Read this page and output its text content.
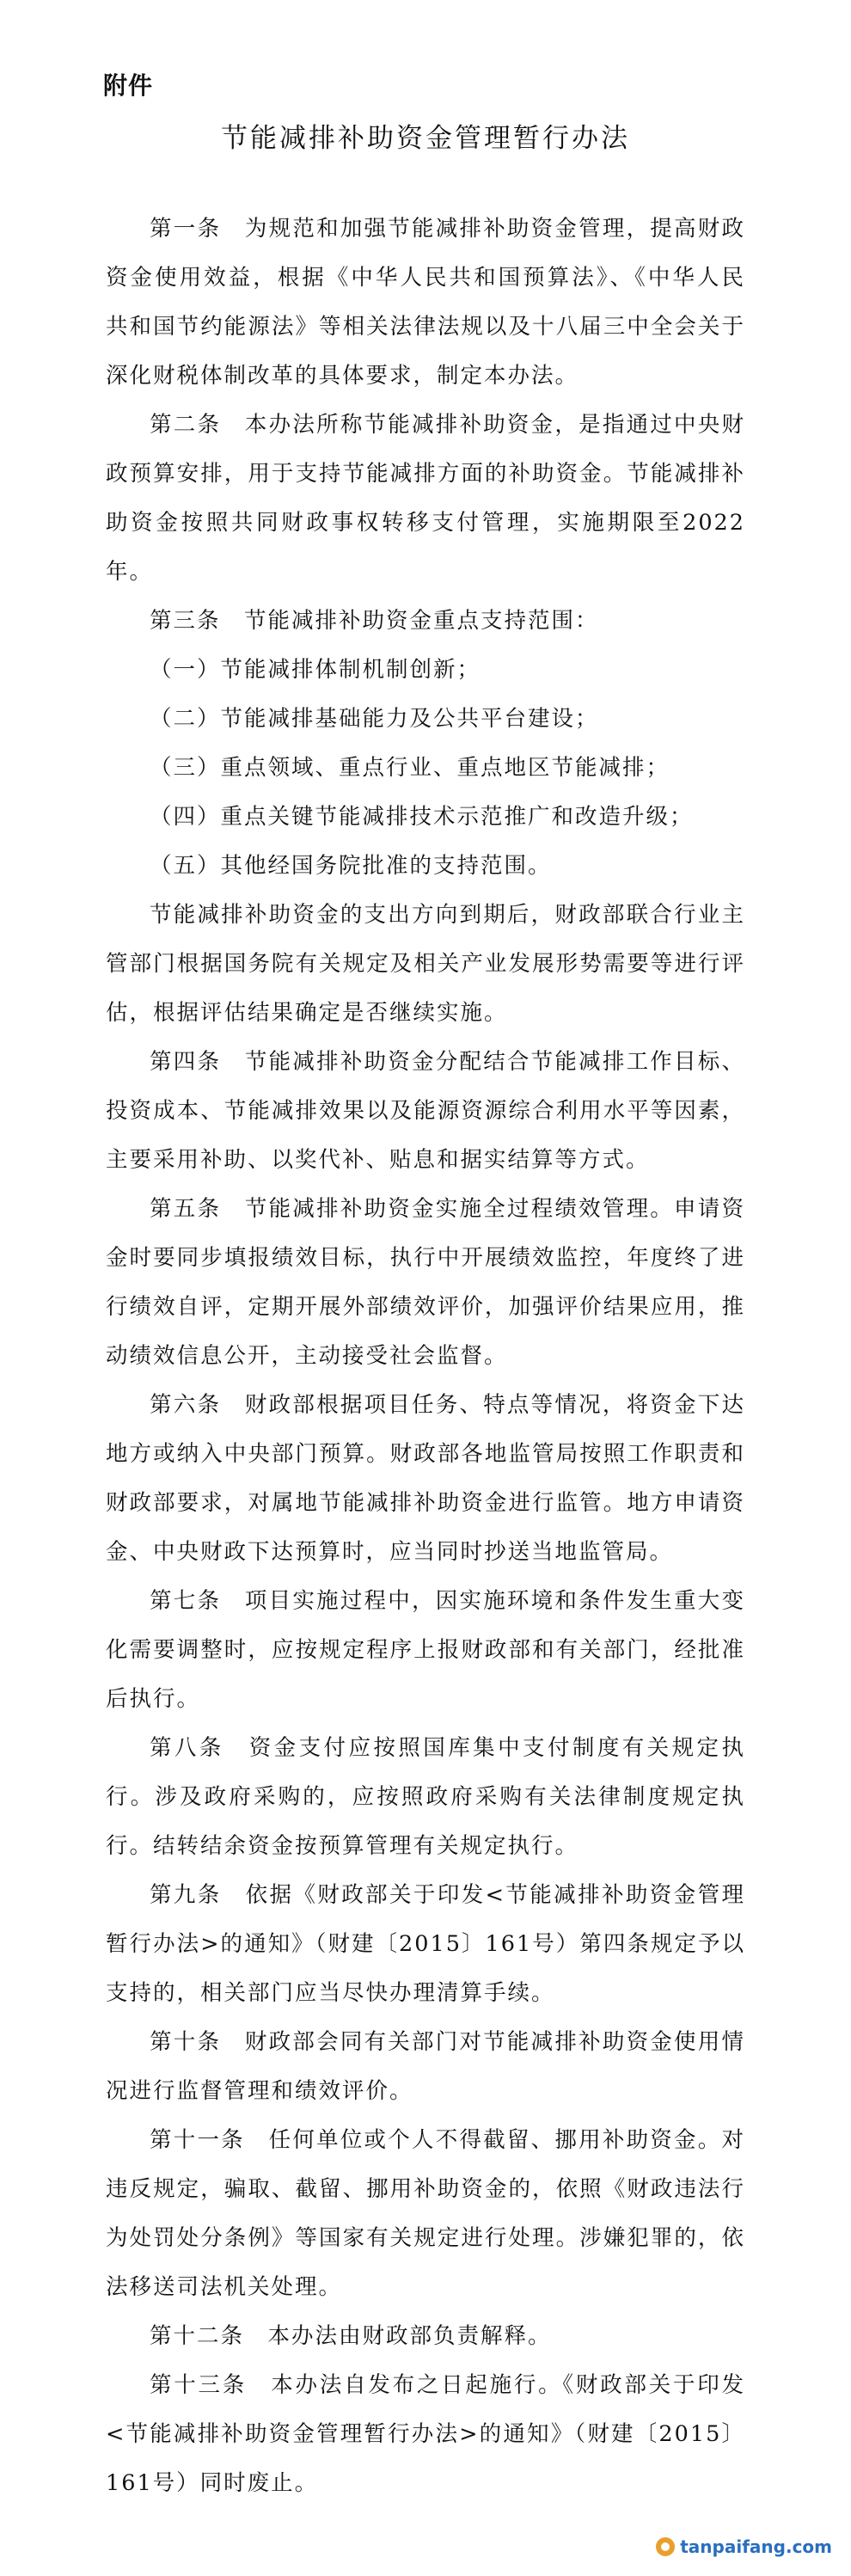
附件
节能减排补助资金管理暂行办法

第一条　为规范和加强节能减排补助资金管理，提高财政资金使用效益，根据《中华人民共和国预算法》、《中华人民共和国节约能源法》等相关法律法规以及十八届三中全会关于深化财税体制改革的具体要求，制定本办法。

第二条　本办法所称节能减排补助资金，是指通过中央财政预算安排，用于支持节能减排方面的补助资金。节能减排补助资金按照共同财政事权转移支付管理，实施期限至2022年。

第三条　节能减排补助资金重点支持范围：

（一）节能减排体制机制创新；

（二）节能减排基础能力及公共平台建设；

（三）重点领域、重点行业、重点地区节能减排；

（四）重点关键节能减排技术示范推广和改造升级；

（五）其他经国务院批准的支持范围。

节能减排补助资金的支出方向到期后，财政部联合行业主管部门根据国务院有关规定及相关产业发展形势需要等进行评估，根据评估结果确定是否继续实施。

第四条　节能减排补助资金分配结合节能减排工作目标、投资成本、节能减排效果以及能源资源综合利用水平等因素，主要采用补助、以奖代补、贴息和据实结算等方式。

第五条　节能减排补助资金实施全过程绩效管理。申请资金时要同步填报绩效目标，执行中开展绩效监控，年度终了进行绩效自评，定期开展外部绩效评价，加强评价结果应用，推动绩效信息公开，主动接受社会监督。

第六条　财政部根据项目任务、特点等情况，将资金下达地方或纳入中央部门预算。财政部各地监管局按照工作职责和财政部要求，对属地节能减排补助资金进行监管。地方申请资金、中央财政下达预算时，应当同时抄送当地监管局。

第七条　项目实施过程中，因实施环境和条件发生重大变化需要调整时，应按规定程序上报财政部和有关部门，经批准后执行。

第八条　资金支付应按照国库集中支付制度有关规定执行。涉及政府采购的，应按照政府采购有关法律制度规定执行。结转结余资金按预算管理有关规定执行。

第九条　依据《财政部关于印发<节能减排补助资金管理暂行办法>的通知》（财建〔2015〕161号）第四条规定予以支持的，相关部门应当尽快办理清算手续。

第十条　财政部会同有关部门对节能减排补助资金使用情况进行监督管理和绩效评价。

第十一条　任何单位或个人不得截留、挪用补助资金。对违反规定，骗取、截留、挪用补助资金的，依照《财政违法行为处罚处分条例》等国家有关规定进行处理。涉嫌犯罪的，依法移送司法机关处理。

第十二条　本办法由财政部负责解释。

第十三条　本办法自发布之日起施行。《财政部关于印发<节能减排补助资金管理暂行办法>的通知》（财建〔2015〕161号）同时废止。

tanpaifang.com
